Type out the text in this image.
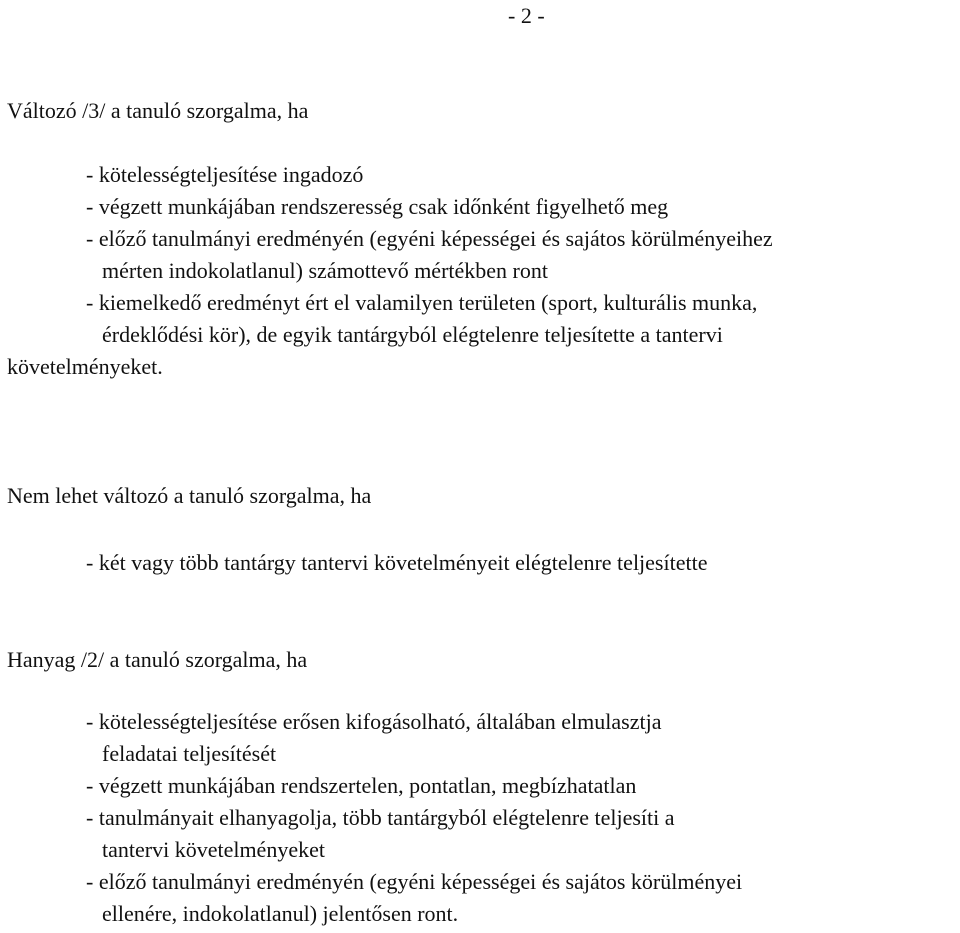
- 2 -
Változó /3/ a tanuló szorgalma, ha
- kötelességteljesítése ingadozó
- végzett munkájában rendszeresség csak időnként figyelhető meg
- előző tanulmányi eredményén (egyéni képességei és sajátos körülményeihez
mérten indokolatlanul) számottevő mértékben ront
- kiemelkedő eredményt ért el valamilyen területen (sport, kulturális munka,
érdeklődési kör), de egyik tantárgyból elégtelenre teljesítette a tantervi
követelményeket.
Nem lehet változó a tanuló szorgalma, ha
- két vagy több tantárgy tantervi követelményeit elégtelenre teljesítette
Hanyag /2/ a tanuló szorgalma, ha
- kötelességteljesítése erősen kifogásolható, általában elmulasztja
feladatai teljesítését
- végzett munkájában rendszertelen, pontatlan, megbízhatatlan
- tanulmányait elhanyagolja, több tantárgyból elégtelenre teljesíti a
tantervi követelményeket
- előző tanulmányi eredményén (egyéni képességei és sajátos körülményei
ellenére, indokolatlanul) jelentősen ront.
